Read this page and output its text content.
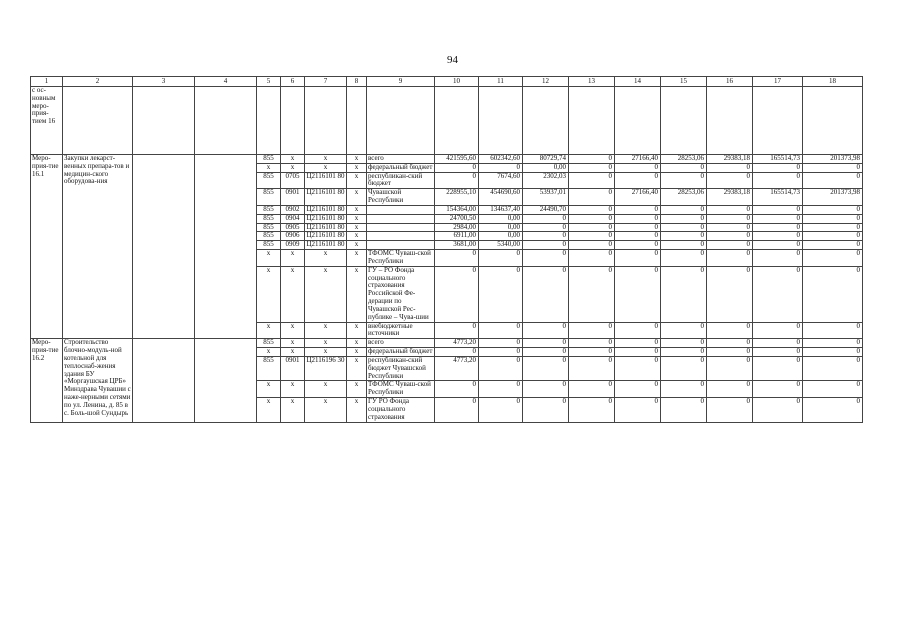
94
1	2	3	4	5	6	7	8	9	10	11	12	13	14	15	16	17	18
с ос-новным меро-прия-тием 16																	
Меро-прия-тие 16.1	Закупки лекарст-венных препара-тов и медицин-ского оборудова-ния			855	x	x	x	всего	421595,60	602342,60	80729,74	0	27166,40	28253,06	29383,18	165514,73	201373,98
				x	x	x	x	федеральный бюджет	0	0	0,00	0	0	0	0	0	0
				855	0705	Ц2116101 80	x	республикан-ский бюджет	0	7674,60	2302,03	0	0	0	0	0	0
				855	0901	Ц2116101 80	x	Чувашской Республики	228955,10	454690,60	53937,01	0	27166,40	28253,06	29383,18	165514,73	201373,98
				855	0902	Ц2116101 80	x		154364,00	134637,40	24490,70	0	0	0	0	0	0
				855	0904	Ц2116101 80	x		24700,50	0,00	0	0	0	0	0	0	0
				855	0905	Ц2116101 80	x		2984,00	0,00	0	0	0	0	0	0	0
				855	0906	Ц2116101 80	x		6911,00	0,00	0	0	0	0	0	0	0
				855	0909	Ц2116101 80	x		3681,00	5340,00	0	0	0	0	0	0	0
				x	x	x	x	ТФОМС Чуваш-ской Республики	0	0	0	0	0	0	0	0	0
				x	x	x	x	ГУ – РО Фонда социального страхования Российской Фе-дерации по Чувашской Рес-публике – Чува-шии	0	0	0	0	0	0	0	0	0
				x	x	x	x	внебюджетные источники	0	0	0	0	0	0	0	0	0
Меро-прия-тие 16.2	Строительство блочно-модуль-ной котельной для теплоснаб-жения здания БУ «Моргаушская ЦРБ» Минздрава Чувашии с наже-нерными сетями по ул. Ленина, д. 85 в с. Боль-шой Сундырь			855	x	x	x	всего	4773,20	0	0	0	0	0	0	0	0
				x	x	x	x	федеральный бюджет	0	0	0	0	0	0	0	0	0
				855	0901	Ц2116196 30	x	республикан-ский бюджет Чувашской Республики	4773,20	0	0	0	0	0	0	0	0
				x	x	x	x	ТФОМС Чуваш-ской Республики	0	0	0	0	0	0	0	0	0
				x	x	x	x	ГУ РО Фонда социального страхования	0	0	0	0	0	0	0	0	0
